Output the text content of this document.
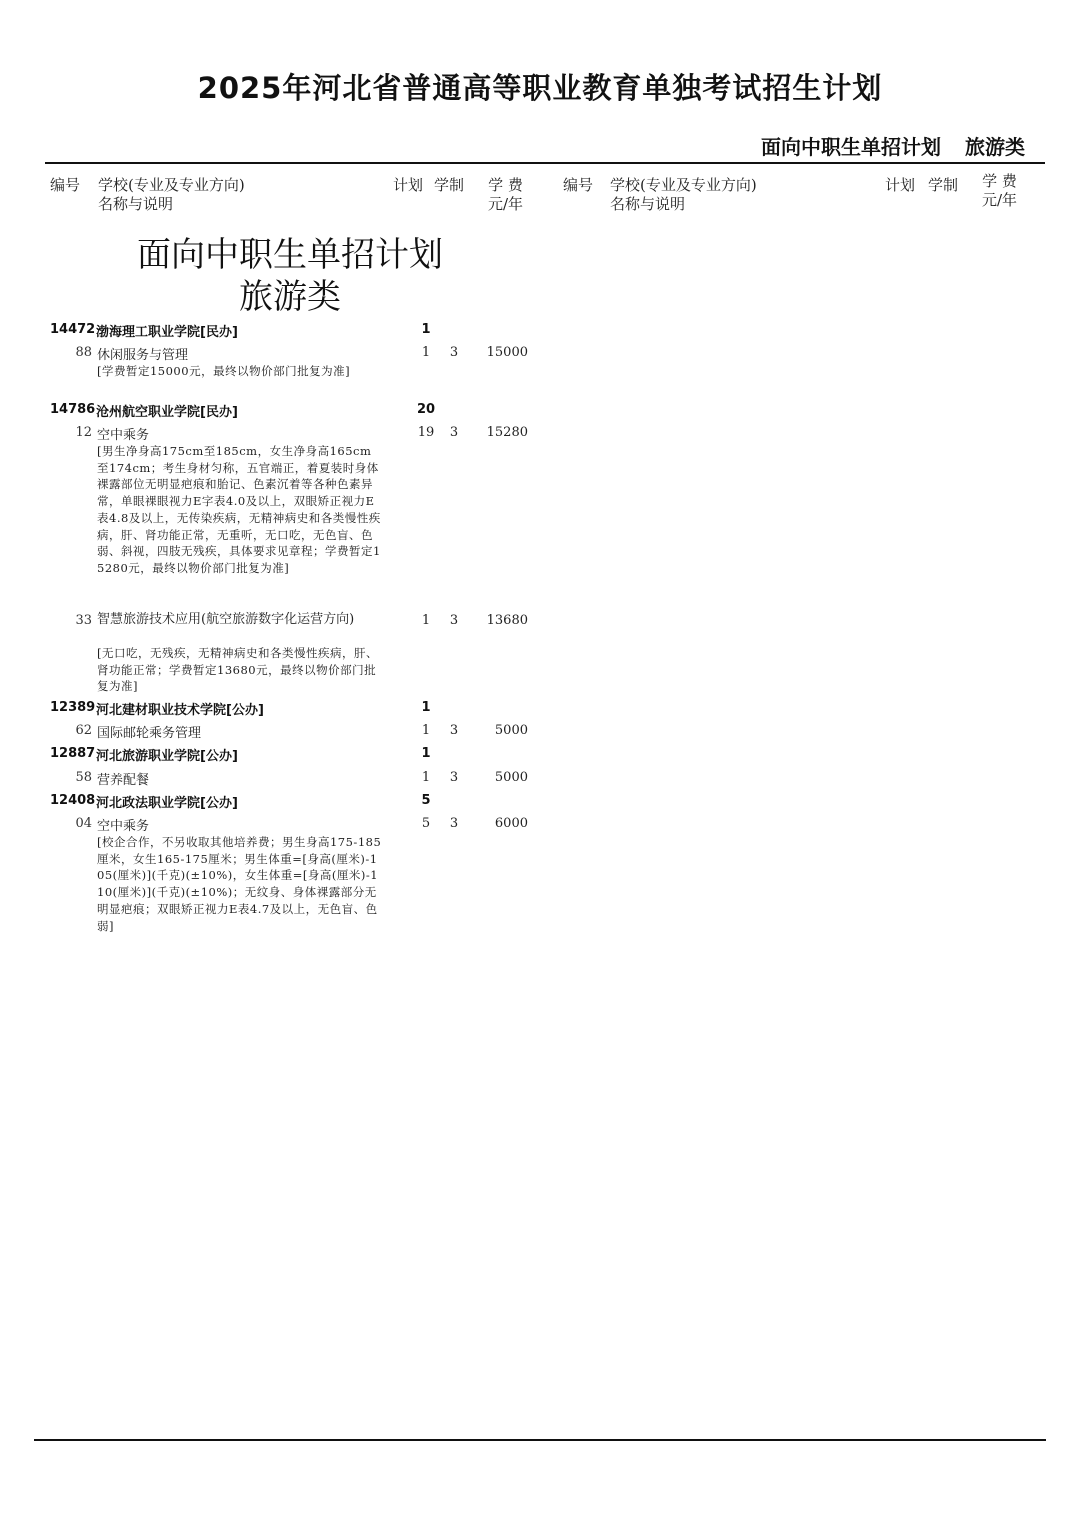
2025年河北省普通高等职业教育单独考试招生计划
面向中职生单招计划 旅游类
编号 学校(专业及专业方向)
名称与说明
计划 学制 学 费
元/年
编号 学校(专业及专业方向)
名称与说明
计划 学制 学 费
元/年
面向中职生单招计划
旅游类
14472 渤海理工职业学院[民办]	1
88 休闲服务与管理	1	3	15000
[学费暂定15000元，最终以物价部门批复为准]
14786 沧州航空职业学院[民办]	20
12 空中乘务	19	3	15280
[男生净身高175cm至185cm，女生净身高165cm至174cm；考生身材匀称，五官端正，着夏装时身体裸露部位无明显疤痕和胎记、色素沉着等各种色素异常，单眼裸眼视力E字表4.0及以上，双眼矫正视力E表4.8及以上，无传染疾病，无精神病史和各类慢性疾病，肝、肾功能正常，无重听，无口吃，无色盲、色弱、斜视，四肢无残疾，具体要求见章程；学费暂定15280元，最终以物价部门批复为准]
33 智慧旅游技术应用(航空旅游数字化运营方向)	1	3	13680
[无口吃，无残疾，无精神病史和各类慢性疾病，肝、肾功能正常；学费暂定13680元，最终以物价部门批复为准]
12389 河北建材职业技术学院[公办]	1
62 国际邮轮乘务管理	1	3	5000
12887 河北旅游职业学院[公办]	1
58 营养配餐	1	3	5000
12408 河北政法职业学院[公办]	5
04 空中乘务	5	3	6000
[校企合作，不另收取其他培养费；男生身高175-185厘米，女生165-175厘米；男生体重=[身高(厘米)-105(厘米)](千克)(±10%)，女生体重=[身高(厘米)-110(厘米)](千克)(±10%)；无纹身、身体裸露部分无明显疤痕；双眼矫正视力E表4.7及以上，无色盲、色弱]
